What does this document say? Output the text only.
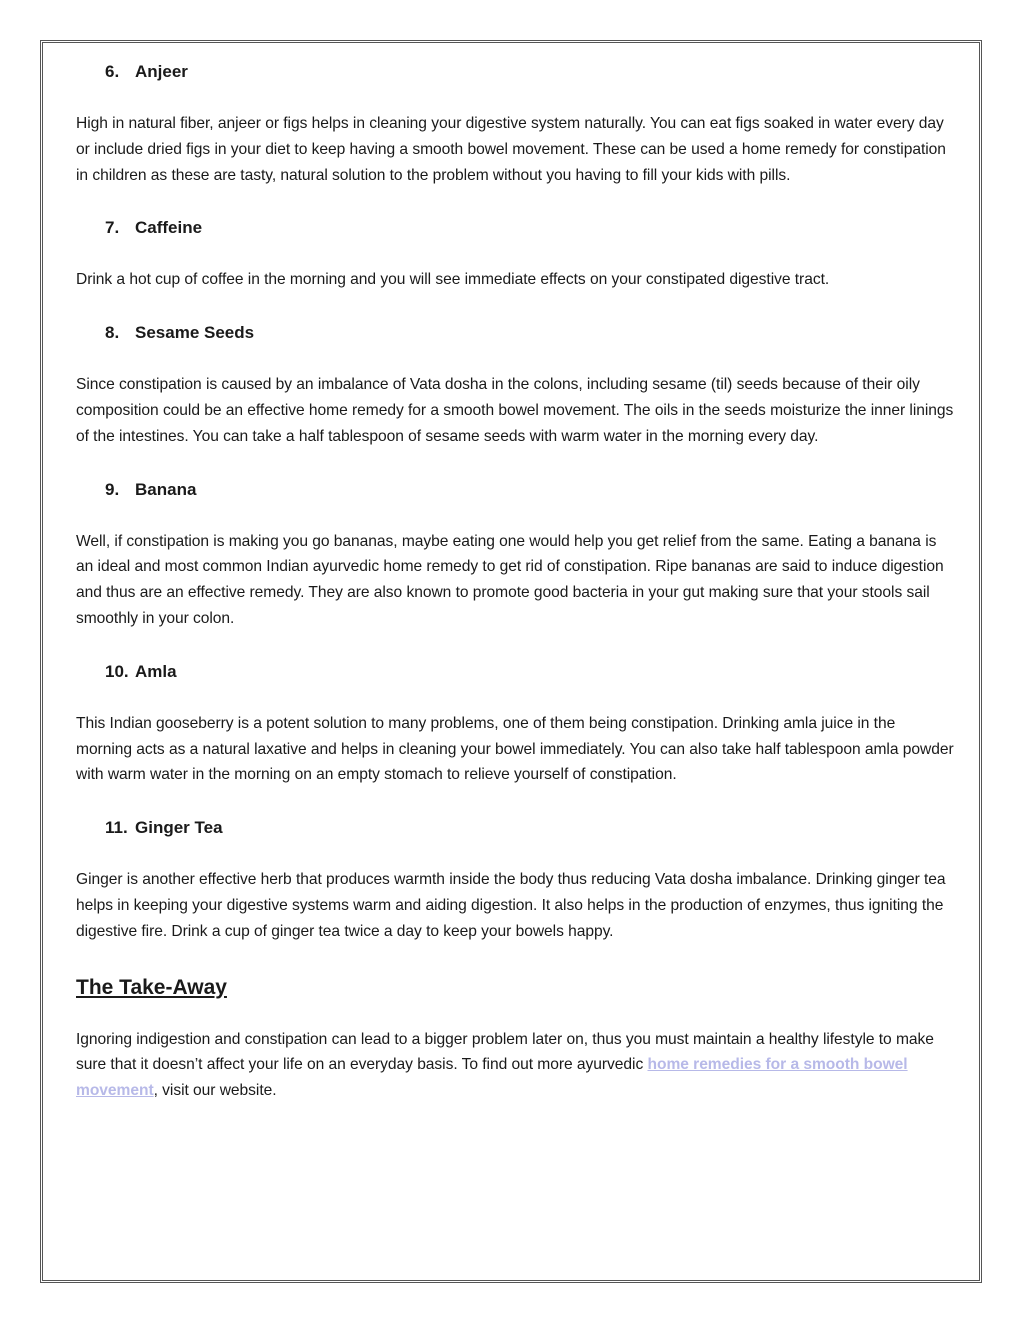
6. Anjeer

High in natural fiber, anjeer or figs helps in cleaning your digestive system naturally. You can eat figs soaked in water every day or include dried figs in your diet to keep having a smooth bowel movement. These can be used a home remedy for constipation in children as these are tasty, natural solution to the problem without you having to fill your kids with pills.

7. Caffeine

Drink a hot cup of coffee in the morning and you will see immediate effects on your constipated digestive tract.

8. Sesame Seeds

Since constipation is caused by an imbalance of Vata dosha in the colons, including sesame (til) seeds because of their oily composition could be an effective home remedy for a smooth bowel movement. The oils in the seeds moisturize the inner linings of the intestines. You can take a half tablespoon of sesame seeds with warm water in the morning every day.

9. Banana

Well, if constipation is making you go bananas, maybe eating one would help you get relief from the same. Eating a banana is an ideal and most common Indian ayurvedic home remedy to get rid of constipation. Ripe bananas are said to induce digestion and thus are an effective remedy. They are also known to promote good bacteria in your gut making sure that your stools sail smoothly in your colon.

10. Amla

This Indian gooseberry is a potent solution to many problems, one of them being constipation. Drinking amla juice in the morning acts as a natural laxative and helps in cleaning your bowel immediately. You can also take half tablespoon amla powder with warm water in the morning on an empty stomach to relieve yourself of constipation.

11. Ginger Tea

Ginger is another effective herb that produces warmth inside the body thus reducing Vata dosha imbalance. Drinking ginger tea helps in keeping your digestive systems warm and aiding digestion. It also helps in the production of enzymes, thus igniting the digestive fire. Drink a cup of ginger tea twice a day to keep your bowels happy.

The Take-Away

Ignoring indigestion and constipation can lead to a bigger problem later on, thus you must maintain a healthy lifestyle to make sure that it doesn’t affect your life on an everyday basis. To find out more ayurvedic home remedies for a smooth bowel movement, visit our website.
